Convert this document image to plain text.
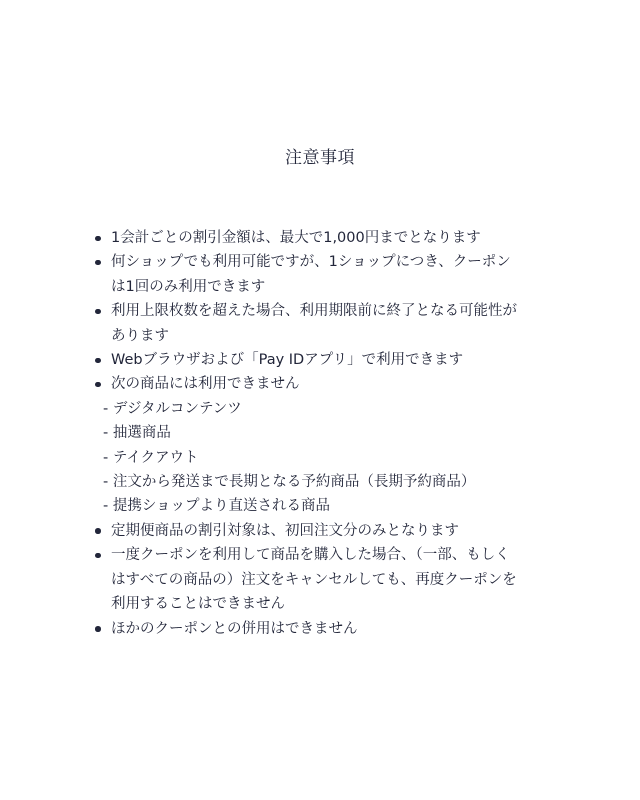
注意事項
1会計ごとの割引金額は、最大で1,000円までとなります
何ショップでも利用可能ですが、1ショップにつき、クーポン
は1回のみ利用できます
利用上限枚数を超えた場合、利用期限前に終了となる可能性が
あります
Webブラウザおよび「Pay IDアプリ」で利用できます
次の商品には利用できません
- デジタルコンテンツ
- 抽選商品
- テイクアウト
- 注文から発送まで長期となる予約商品（長期予約商品）
- 提携ショップより直送される商品
定期便商品の割引対象は、初回注文分のみとなります
一度クーポンを利用して商品を購入した場合、（一部、もしく
はすべての商品の）注文をキャンセルしても、再度クーポンを
利用することはできません
ほかのクーポンとの併用はできません
